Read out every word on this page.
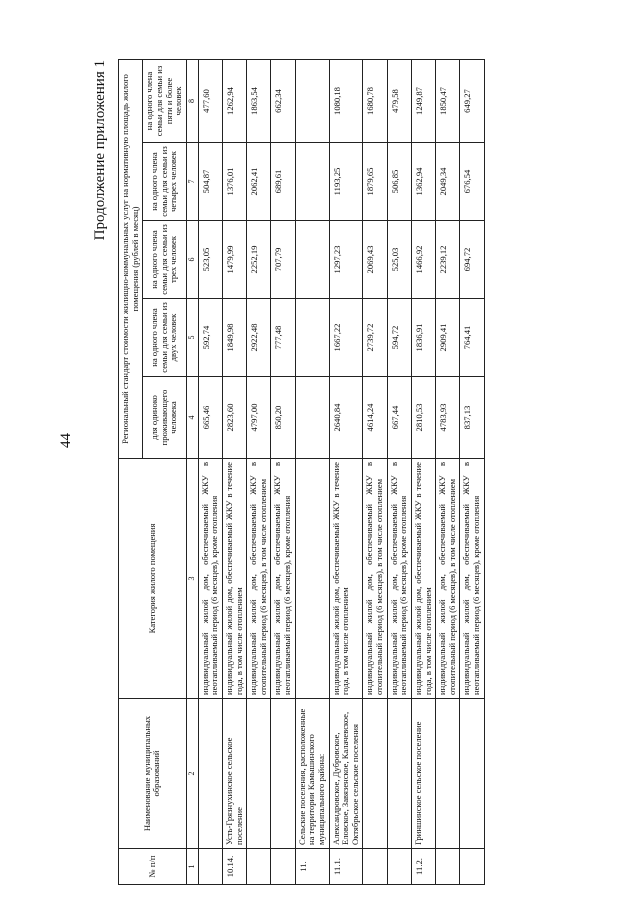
44
Продолжение приложения 1
№ п/п	Наименование муниципальных образований	Категория жилого помещения	Региональный стандарт стоимости жилищно-коммунальных услуг на нормативную площадь жилого помещения (рублей в месяц)				
			для одиноко проживающего человека	на одного члена семьи для семьи из двух человек	на одного члена семьи для семьи из трех человек	на одного члена семьи для семьи из четырех человек	на одного члена семьи для семьи из пяти и более человек
1	2	3	4	5	6	7	8
		индивидуальный жилой дом, обеспечиваемый ЖКУ в неотапливаемый период (6 месяцев), кроме отопления	665,46	592,74	523,05	504,87	477,60
10.14.	Усть-Грязнухинское сельское поселение	индивидуальный жилой дом, обеспечиваемый ЖКУ в течение года, в том числе отоплением	2823,60	1849,98	1479,99	1376,01	1262,94
		индивидуальный жилой дом, обеспечиваемый ЖКУ в отопительный период (6 месяцев), в том числе отоплением	4797,00	2922,48	2252,19	2062,41	1863,54
		индивидуальный жилой дом, обеспечиваемый ЖКУ в неотапливаемый период (6 месяцев), кроме отопления	850,20	777,48	707,79	689,61	662,34
11.	Сельские поселения, расположенные на территории Камышинского муниципального района:						
11.1.	Александровское, Дубровское, Еловское, Завязенское, Калачевское, Октябрьское сельские поселения	индивидуальный жилой дом, обеспечиваемый ЖКУ в течение года, в том числе отоплением	2640,84	1667,22	1297,23	1193,25	1080,18
		индивидуальный жилой дом, обеспечиваемый ЖКУ в отопительный период (6 месяцев), в том числе отоплением	4614,24	2739,72	2069,43	1879,65	1680,78
		индивидуальный жилой дом, обеспечиваемый ЖКУ в неотапливаемый период (6 месяцев), кроме отопления	667,44	594,72	525,03	506,85	479,58
11.2.	Гриншинское сельское поселение	индивидуальный жилой дом, обеспечиваемый ЖКУ в течение года, в том числе отоплением	2810,53	1836,91	1466,92	1362,94	1249,87
		индивидуальный жилой дом, обеспечиваемый ЖКУ в отопительный период (6 месяцев), в том числе отоплением	4783,93	2909,41	2239,12	2049,34	1850,47
		индивидуальный жилой дом, обеспечиваемый ЖКУ в неотапливаемый период (6 месяцев), кроме отопления	837,13	764,41	694,72	676,54	649,27
